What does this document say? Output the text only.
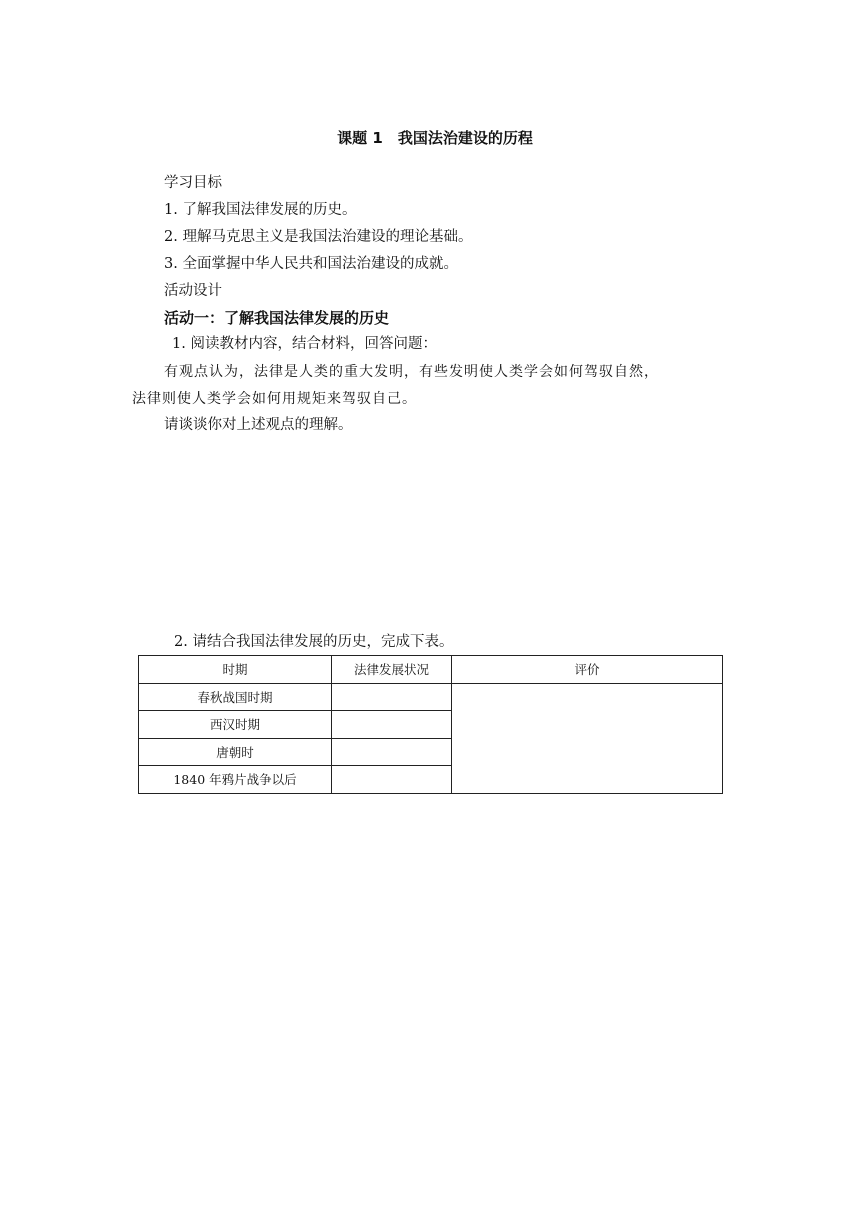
课题 1　我国法治建设的历程
学习目标
1. 了解我国法律发展的历史。
2. 理解马克思主义是我国法治建设的理论基础。
3. 全面掌握中华人民共和国法治建设的成就。
活动设计
活动一：了解我国法律发展的历史
1. 阅读教材内容，结合材料，回答问题：
有观点认为，法律是人类的重大发明，有些发明使人类学会如何驾驭自然，
法律则使人类学会如何用规矩来驾驭自己。
请谈谈你对上述观点的理解。
2. 请结合我国法律发展的历史，完成下表。
时期	法律发展状况	评价
春秋战国时期		
西汉时期		
唐朝时		
1840 年鸦片战争以后		
